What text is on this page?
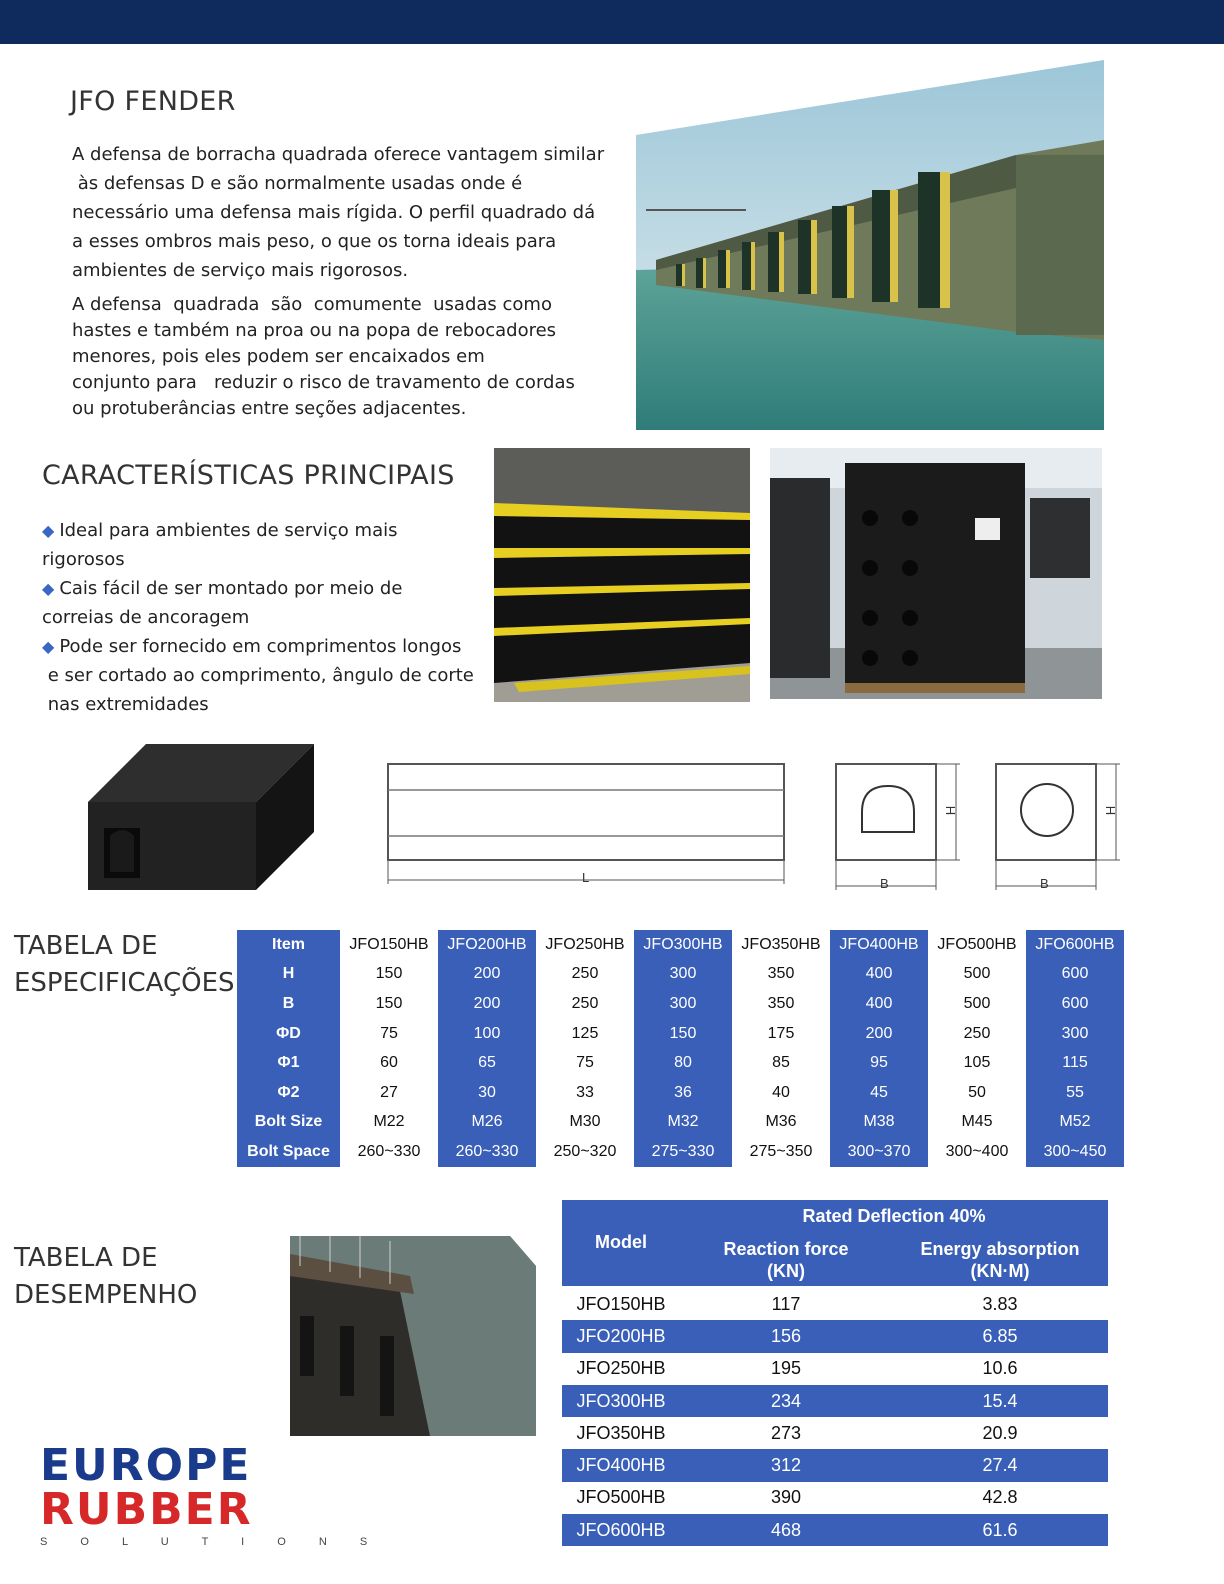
JFO FENDER
A defensa de borracha quadrada oferece vantagem similar
às defensas D e são normalmente usadas onde é
necessário uma defensa mais rígida. O perfil quadrado dá
a esses ombros mais peso, o que os torna ideais para
ambientes de serviço mais rigorosos.
A defensa  quadrada  são  comumente  usadas como
hastes e também na proa ou na popa de rebocadores
menores, pois eles podem ser encaixados em
conjunto para   reduzir o risco de travamento de cordas
ou protuberâncias entre seções adjacentes.
CARACTERÍSTICAS PRINCIPAIS
◆ Ideal para ambientes de serviço mais
rigorosos
◆ Cais fácil de ser montado por meio de
correias de ancoragem
◆ Pode ser fornecido em comprimentos longos
e ser cortado ao comprimento, ângulo de corte
nas extremidades
L	B
H
B
H
TABELA DE
ESPECIFICAÇÕES
Item	JFO150HB	JFO200HB	JFO250HB	JFO300HB	JFO350HB	JFO400HB	JFO500HB	JFO600HB
H	150	200	250	300	350	400	500	600
B	150	200	250	300	350	400	500	600
ΦD	75	100	125	150	175	200	250	300
Φ1	60	65	75	80	85	95	105	115
Φ2	27	30	33	36	40	45	50	55
Bolt Size	M22	M26	M30	M32	M36	M38	M45	M52
Bolt Space	260~330	260~330	250~320	275~330	275~350	300~370	300~400	300~450
TABELA DE
DESEMPENHO
Model
Rated Deflection 40%
Reaction force
(KN)
Energy absorption
(KN·M)
JFO150HB	117	3.83
JFO200HB	156	6.85
JFO250HB	195	10.6
JFO300HB	234	15.4
JFO350HB	273	20.9
JFO400HB	312	27.4
JFO500HB	390	42.8
JFO600HB	468	61.6
EUROPE
RUBBER
S O L U T I O N S
